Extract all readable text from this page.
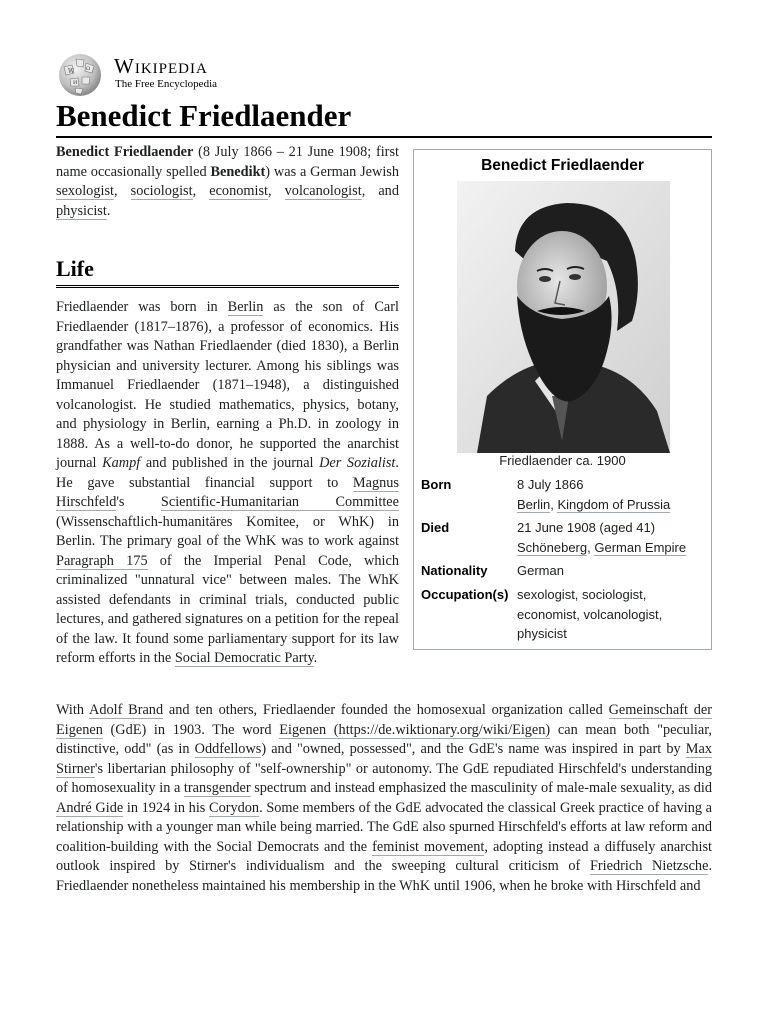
W Ω
И
Wikipedia
The Free Encyclopedia
Benedict Friedlaender

Benedict Friedlaender (8 July 1866 – 21 June 1908; first name occasionally spelled Benedikt) was a German Jewish sexologist, sociologist, economist, volcanologist, and physicist.

Life

Friedlaender was born in Berlin as the son of Carl Friedlaender (1817–1876), a professor of economics. His grandfather was Nathan Friedlaender (died 1830), a Berlin physician and university lecturer. Among his siblings was Immanuel Friedlaender (1871–1948), a distinguished volcanologist. He studied mathematics, physics, botany, and physiology in Berlin, earning a Ph.D. in zoology in 1888. As a well-to-do donor, he supported the anarchist journal Kampf and published in the journal Der Sozialist. He gave substantial financial support to Magnus Hirschfeld's Scientific-Humanitarian Committee (Wissenschaftlich-humanitäres Komitee, or WhK) in Berlin. The primary goal of the WhK was to work against Paragraph 175 of the Imperial Penal Code, which criminalized "unnatural vice" between males. The WhK assisted defendants in criminal trials, conducted public lectures, and gathered signatures on a petition for the repeal of the law. It found some parliamentary support for its law reform efforts in the Social Democratic Party.

With Adolf Brand and ten others, Friedlaender founded the homosexual organization called Gemeinschaft der Eigenen (GdE) in 1903. The word Eigenen (https://de.wiktionary.org/wiki/Eigen) can mean both "peculiar, distinctive, odd" (as in Oddfellows) and "owned, possessed", and the GdE's name was inspired in part by Max Stirner's libertarian philosophy of "self-ownership" or autonomy. The GdE repudiated Hirschfeld's understanding of homosexuality in a transgender spectrum and instead emphasized the masculinity of male-male sexuality, as did André Gide in 1924 in his Corydon. Some members of the GdE advocated the classical Greek practice of having a relationship with a younger man while being married. The GdE also spurned Hirschfeld's efforts at law reform and coalition-building with the Social Democrats and the feminist movement, adopting instead a diffusely anarchist outlook inspired by Stirner's individualism and the sweeping cultural criticism of Friedrich Nietzsche. Friedlaender nonetheless maintained his membership in the WhK until 1906, when he broke with Hirschfeld and

Benedict Friedlaender
Friedlaender ca. 1900
Born	8 July 1866
Berlin, Kingdom of Prussia
Died	21 June 1908 (aged 41)
Schöneberg, German Empire
Nationality	German
Occupation(s) sexologist, sociologist, economist, volcanologist, physicist
